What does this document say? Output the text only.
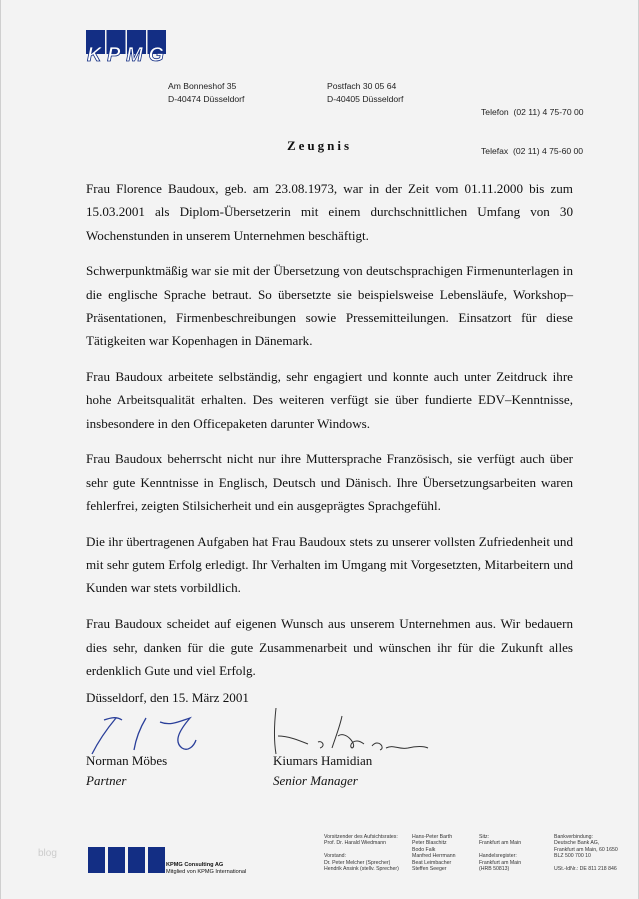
KPMG
Am Bonneshof 35
D-40474 Düsseldorf
Postfach 30 05 64
D-40405 Düsseldorf

Telefon  (02 11) 4 75-70 00

Telefax  (02 11) 4 75-60 00

Zeugnis

Frau Florence Baudoux, geb. am 23.08.1973, war in der Zeit vom 01.11.2000 bis zum 15.03.2001 als Diplom-Übersetzerin mit einem durchschnittlichen Umfang von 30 Wochenstunden in unserem Unternehmen beschäftigt.

Schwerpunktmäßig war sie mit der Übersetzung von deutschsprachigen Firmenunterlagen in die englische Sprache betraut. So übersetzte sie beispielsweise Lebensläufe, Workshop–Präsentationen, Firmenbeschreibungen sowie Pressemitteilungen. Einsatzort für diese Tätigkeiten war Kopenhagen in Dänemark.

Frau Baudoux arbeitete selbständig, sehr engagiert und konnte auch unter Zeitdruck ihre hohe Arbeitsqualität erhalten. Des weiteren verfügt sie über fundierte EDV–Kenntnisse, insbesondere in den Officepaketen darunter Windows.

Frau Baudoux beherrscht nicht nur ihre Muttersprache Französisch, sie verfügt auch über sehr gute Kenntnisse in Englisch, Deutsch und Dänisch. Ihre Übersetzungsarbeiten waren fehlerfrei, zeigten Stilsicherheit und ein ausgeprägtes Sprachgefühl.

Die ihr übertragenen Aufgaben hat Frau Baudoux stets zu unserer vollsten Zufriedenheit und mit sehr gutem Erfolg erledigt. Ihr Verhalten im Umgang mit Vorgesetzten, Mitarbeitern und Kunden war stets vorbildlich.

Frau Baudoux scheidet auf eigenen Wunsch aus unserem Unternehmen aus. Wir bedauern dies sehr, danken für die gute Zusammenarbeit und wünschen ihr für die Zukunft alles erdenklich Gute und viel Erfolg.

Düsseldorf, den 15. März 2001
Norman Möbes
Partner
Kiumars Hamidian
Senior Manager
blog
KPMG Consulting AG
Mitglied von KPMG International
Vorsitzender des Aufsichtsrates:
Prof. Dr. Harald Wiedmann
Vorstand:
Dr. Peter Melcher (Sprecher)
Hendrik Ansink (stellv. Sprecher)
Hans-Peter Barth
Peter Blaschitz
Bodo Falk
Manfred Herrmann
Beat Leimbacher
Steffen Seeger
Sitz:
Frankfurt am Main
Handelsregister:
Frankfurt am Main
(HRB 50813)
Bankverbindung:
Deutsche Bank AG,
Frankfurt am Main, 60 1650
BLZ 500 700 10
USt.-IdNr.: DE 811 218 846
